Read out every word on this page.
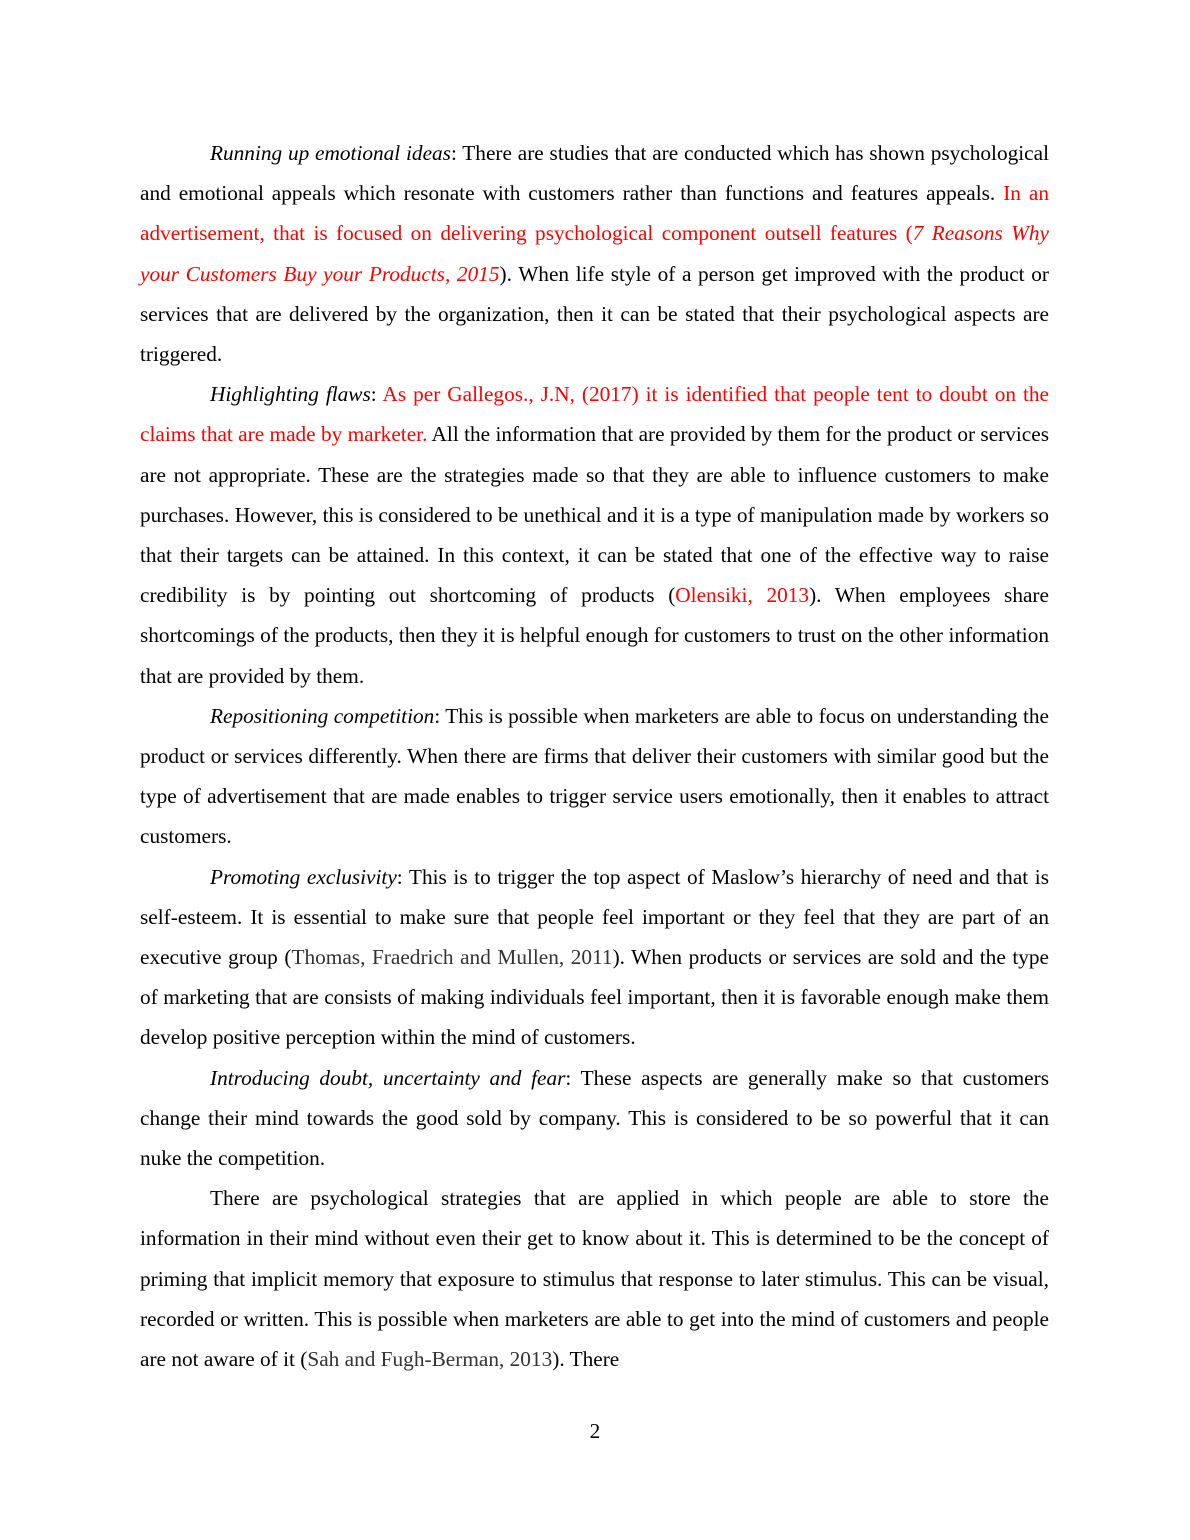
Running up emotional ideas: There are studies that are conducted which has shown psychological and emotional appeals which resonate with customers rather than functions and features appeals. In an advertisement, that is focused on delivering psychological component outsell features (7 Reasons Why your Customers Buy your Products, 2015). When life style of a person get improved with the product or services that are delivered by the organization, then it can be stated that their psychological aspects are triggered.

Highlighting flaws: As per Gallegos., J.N, (2017) it is identified that people tent to doubt on the claims that are made by marketer. All the information that are provided by them for the product or services are not appropriate. These are the strategies made so that they are able to influence customers to make purchases. However, this is considered to be unethical and it is a type of manipulation made by workers so that their targets can be attained. In this context, it can be stated that one of the effective way to raise credibility is by pointing out shortcoming of products (Olensiki, 2013). When employees share shortcomings of the products, then they it is helpful enough for customers to trust on the other information that are provided by them.

Repositioning competition: This is possible when marketers are able to focus on understanding the product or services differently. When there are firms that deliver their customers with similar good but the type of advertisement that are made enables to trigger service users emotionally, then it enables to attract customers.

Promoting exclusivity: This is to trigger the top aspect of Maslow’s hierarchy of need and that is self-esteem. It is essential to make sure that people feel important or they feel that they are part of an executive group (Thomas, Fraedrich and Mullen, 2011). When products or services are sold and the type of marketing that are consists of making individuals feel important, then it is favorable enough make them develop positive perception within the mind of customers.

Introducing doubt, uncertainty and fear: These aspects are generally make so that customers change their mind towards the good sold by company. This is considered to be so powerful that it can nuke the competition.

There are psychological strategies that are applied in which people are able to store the information in their mind without even their get to know about it. This is determined to be the concept of priming that implicit memory that exposure to stimulus that response to later stimulus. This can be visual, recorded or written. This is possible when marketers are able to get into the mind of customers and people are not aware of it (Sah and Fugh-Berman, 2013). There

2
